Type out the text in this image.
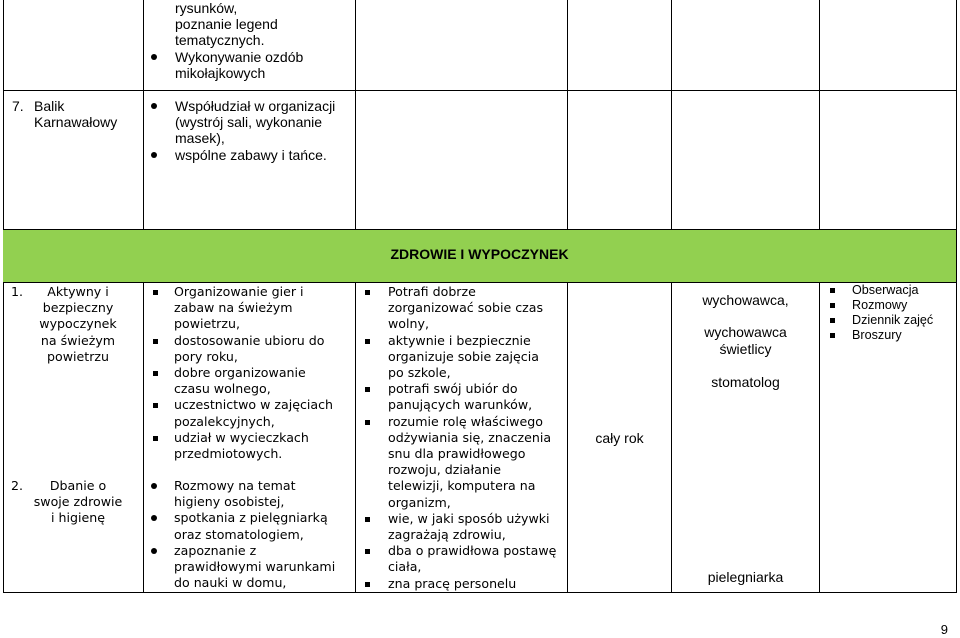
rysunków,
poznanie legend
tematycznych.
Wykonywanie ozdób
mikołajkowych
7. Balik
Karnawałowy
Współudział w organizacji
(wystrój sali, wykonanie
masek),
wspólne zabawy i tańce.
ZDROWIE I WYPOCZYNEK
1.	Aktywny i
bezpieczny
wypoczynek
na świeżym
powietrzu
Organizowanie gier i
zabaw na świeżym
powietrzu,
dostosowanie ubioru do
pory roku,
dobre organizowanie
czasu wolnego,
uczestnictwo w zajęciach
pozalekcyjnych,
udział w wycieczkach
przedmiotowych.
2.	Dbanie o
swoje zdrowie
i higienę
Rozmowy na temat
higieny osobistej,
spotkania z pielęgniarką
oraz stomatologiem,
zapoznanie z
prawidłowymi warunkami
do nauki w domu,
Potrafi dobrze
zorganizować sobie czas
wolny,
aktywnie i bezpiecznie
organizuje sobie zajęcia
po szkole,
potrafi swój ubiór do
panujących warunków,
rozumie rolę właściwego
odżywiania się, znaczenia
snu dla prawidłowego
rozwoju, działanie
telewizji, komputera na
organizm,
wie, w jaki sposób używki
zagrażają zdrowiu,
dba o prawidłowa postawę
ciała,
zna pracę personelu
cały rok
wychowawca,
wychowawca
świetlicy
stomatolog
pielegniarka
Obserwacja
Rozmowy
Dziennik zajęć
Broszury
9
